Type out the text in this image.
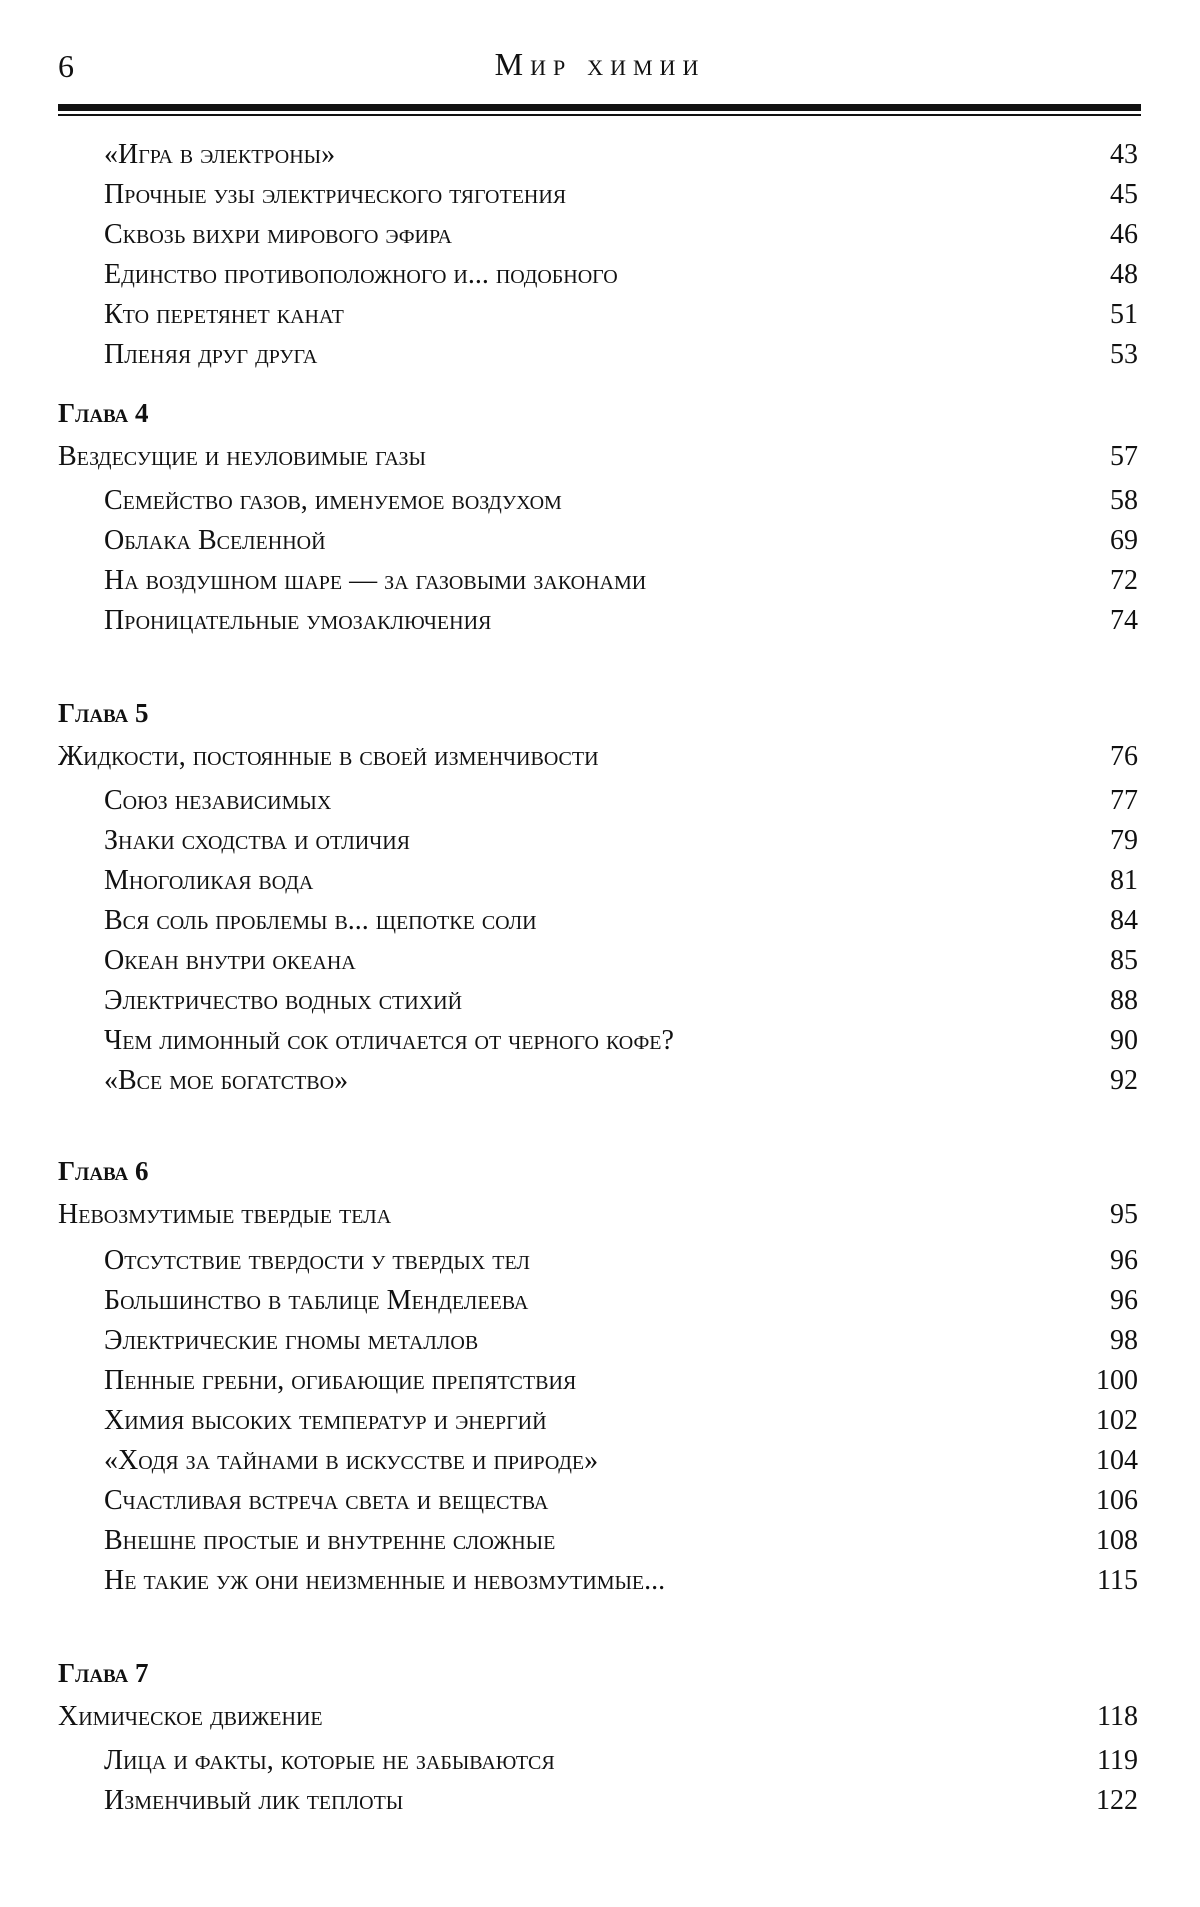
6	Мир химии
«Игра в электроны»	43
Прочные узы электрического тяготения	45
Сквозь вихри мирового эфира	46
Единство противоположного и... подобного	48
Кто перетянет канат	51
Пленяя друг друга	53
Глава 4
Вездесущие и неуловимые газы	57
Семейство газов, именуемое воздухом	58
Облака Вселенной	69
На воздушном шаре — за газовыми законами	72
Проницательные умозаключения	74
Глава 5
Жидкости, постоянные в своей изменчивости	76
Союз независимых	77
Знаки сходства и отличия	79
Многоликая вода	81
Вся соль проблемы в... щепотке соли	84
Океан внутри океана	85
Электричество водных стихий	88
Чем лимонный сок отличается от черного кофе?	90
«Все мое богатство»	92
Глава 6
Невозмутимые твердые тела	95
Отсутствие твердости у твердых тел	96
Большинство в таблице Менделеева	96
Электрические гномы металлов	98
Пенные гребни, огибающие препятствия	100
Химия высоких температур и энергий	102
«Ходя за тайнами в искусстве и природе»	104
Счастливая встреча света и вещества	106
Внешне простые и внутренне сложные	108
Не такие уж они неизменные и невозмутимые...	115
Глава 7
Химическое движение	118
Лица и факты, которые не забываются	119
Изменчивый лик теплоты	122
